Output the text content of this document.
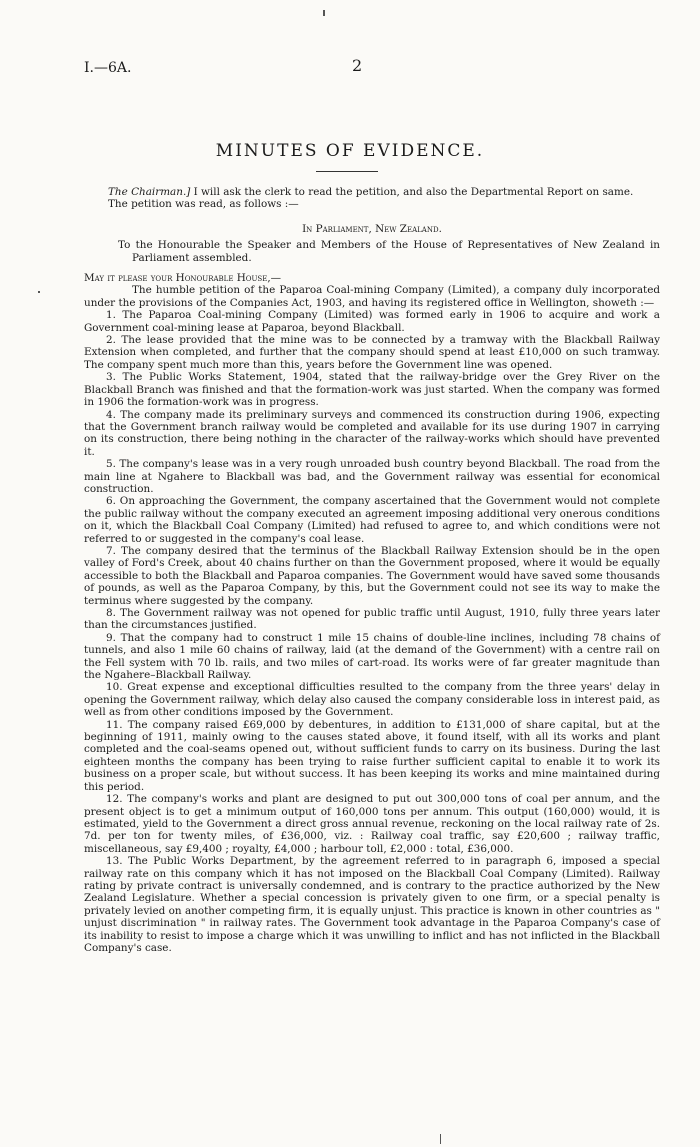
I.—6A.	2
MINUTES OF EVIDENCE.

The Chairman.] I will ask the clerk to read the petition, and also the Departmental Report on same.

The petition was read, as follows :—

In Parliament, New Zealand.

To the Honourable the Speaker and Members of the House of Representatives of New Zealand in Parliament assembled.

May it please your Honourable House,—

The humble petition of the Paparoa Coal-mining Company (Limited), a company duly incorporated under the provisions of the Companies Act, 1903, and having its registered office in Wellington, showeth :—

1. The Paparoa Coal-mining Company (Limited) was formed early in 1906 to acquire and work a Government coal-mining lease at Paparoa, beyond Blackball.

2. The lease provided that the mine was to be connected by a tramway with the Blackball Railway Extension when completed, and further that the company should spend at least £10,000 on such tramway. The company spent much more than this, years before the Government line was opened.

3. The Public Works Statement, 1904, stated that the railway-bridge over the Grey River on the Blackball Branch was finished and that the formation-work was just started. When the company was formed in 1906 the formation-work was in progress.

4. The company made its preliminary surveys and commenced its construction during 1906, expecting that the Government branch railway would be completed and available for its use during 1907 in carrying on its construction, there being nothing in the character of the railway-works which should have prevented it.

5. The company's lease was in a very rough unroaded bush country beyond Blackball. The road from the main line at Ngahere to Blackball was bad, and the Government railway was essential for economical construction.

6. On approaching the Government, the company ascertained that the Government would not complete the public railway without the company executed an agreement imposing additional very onerous conditions on it, which the Blackball Coal Company (Limited) had refused to agree to, and which conditions were not referred to or suggested in the company's coal lease.

7. The company desired that the terminus of the Blackball Railway Extension should be in the open valley of Ford's Creek, about 40 chains further on than the Government proposed, where it would be equally accessible to both the Blackball and Paparoa companies. The Government would have saved some thousands of pounds, as well as the Paparoa Company, by this, but the Government could not see its way to make the terminus where suggested by the company.

8. The Government railway was not opened for public traffic until August, 1910, fully three years later than the circumstances justified.

9. That the company had to construct 1 mile 15 chains of double-line inclines, including 78 chains of tunnels, and also 1 mile 60 chains of railway, laid (at the demand of the Government) with a centre rail on the Fell system with 70 lb. rails, and two miles of cart-road. Its works were of far greater magnitude than the Ngahere–Blackball Railway.

10. Great expense and exceptional difficulties resulted to the company from the three years' delay in opening the Government railway, which delay also caused the company considerable loss in interest paid, as well as from other conditions imposed by the Government.

11. The company raised £69,000 by debentures, in addition to £131,000 of share capital, but at the beginning of 1911, mainly owing to the causes stated above, it found itself, with all its works and plant completed and the coal-seams opened out, without sufficient funds to carry on its business. During the last eighteen months the company has been trying to raise further sufficient capital to enable it to work its business on a proper scale, but without success. It has been keeping its works and mine maintained during this period.

12. The company's works and plant are designed to put out 300,000 tons of coal per annum, and the present object is to get a minimum output of 160,000 tons per annum. This output (160,000) would, it is estimated, yield to the Government a direct gross annual revenue, reckoning on the local railway rate of 2s. 7d. per ton for twenty miles, of £36,000, viz. : Railway coal traffic, say £20,600 ; railway traffic, miscellaneous, say £9,400 ; royalty, £4,000 ; harbour toll, £2,000 : total, £36,000.

13. The Public Works Department, by the agreement referred to in paragraph 6, imposed a special railway rate on this company which it has not imposed on the Blackball Coal Company (Limited). Railway rating by private contract is universally condemned, and is contrary to the practice authorized by the New Zealand Legislature. Whether a special concession is privately given to one firm, or a special penalty is privately levied on another competing firm, it is equally unjust. This practice is known in other countries as " unjust discrimination " in railway rates. The Government took advantage in the Paparoa Company's case of its inability to resist to impose a charge which it was unwilling to inflict and has not inflicted in the Blackball Company's case.
